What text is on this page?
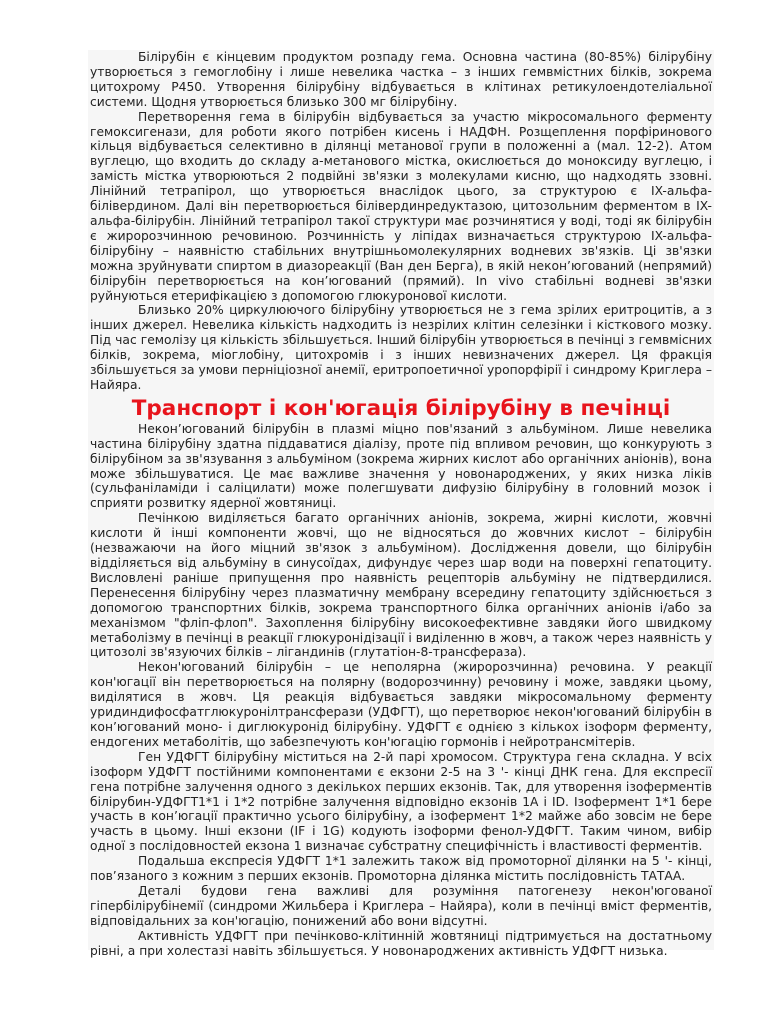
Білірубін є кінцевим продуктом розпаду гема. Основна частина (80-85%) білірубіну утворюється з гемоглобіну і лише невелика частка – з інших гемвмістних білків, зокрема цитохрому Р450. Утворення білірубіну відбувається в клітинах ретикулоендотеліальної системи. Щодня утворюється близько 300 мг білірубіну.

Перетворення гема в білірубін відбувається за участю мікросомального ферменту гемоксигенази, для роботи якого потрібен кисень і НАДФН. Розщеплення порфіринового кільця відбувається селективно в ділянці метанової групи в положенні а (мал. 12-2). Атом вуглецю, що входить до складу а-метанового містка, окислюється до моноксиду вуглецю, і замість містка утворюються 2 подвійні зв'язки з молекулами кисню, що надходять ззовні. Лінійний тетрапірол, що утворюється внаслідок цього, за структурою є IX-альфа-білівердином. Далі він перетворюється білівердинредуктазою, цитозольним ферментом в IX-альфа-білірубін. Лінійний тетрапірол такої структури має розчинятися у воді, тоді як білірубін є жиророзчинною речовиною. Розчинність у ліпідах визначається структурою IX-альфа-білірубіну – наявністю стабільних внутрішньомолекулярних водневих зв'язків. Ці зв'язки можна зруйнувати спиртом в диазореакції (Ван ден Берга), в якій некон’югований (непрямий) білірубін перетворюється на кон’югований (прямий). In vivo стабільні водневі зв'язки руйнуються етерифікацією з допомогою глюкуронової кислоти.

Близько 20% циркулюючого білірубіну утворюється не з гема зрілих еритроцитів, а з інших джерел. Невелика кількість надходить із незрілих клітин селезінки і кісткового мозку. Під час гемолізу ця кількість збільшується. Інший білірубін утворюється в печінці з гемвмісних білків, зокрема, міоглобіну, цитохромів і з інших невизначених джерел. Ця фракція збільшується за умови перніціозної анемії, еритропоетичної уропорфірії і синдрому Криглера – Найяра.

Транспорт і кон'югація білірубіну в печінці

Некон’югований білірубін в плазмі міцно пов'язаний з альбуміном. Лише невелика частина білірубіну здатна піддаватися діалізу, проте під впливом речовин, що конкурують з білірубіном за зв'язування з альбуміном (зокрема жирних кислот або органічних аніонів), вона може збільшуватися. Це має важливе значення у новонароджених, у яких низка ліків (сульфаніламіди і саліцилати) може полегшувати дифузію білірубіну в головний мозок і сприяти розвитку ядерної жовтяниці.

Печінкою виділяється багато органічних аніонів, зокрема, жирні кислоти, жовчні кислоти й інші компоненти жовчі, що не відносяться до жовчних кислот – білірубін (незважаючи на його міцний зв'язок з альбуміном). Дослідження довели, що білірубін відділяється від альбуміну в синусоїдах, дифундує через шар води на поверхні гепатоциту. Висловлені раніше припущення про наявність рецепторів альбуміну не підтвердилися. Перенесення білірубіну через плазматичну мембрану всередину гепатоциту здійснюється з допомогою транспортних білків, зокрема транспортного білка органічних аніонів і/або за механізмом "фліп-флоп". Захоплення білірубіну високоефективне завдяки його швидкому метаболізму в печінці в реакції глюкуронідізації і виділенню в жовч, а також через наявність у цитозолі зв'язуючих білків – лігандинів (глутатіон-8-трансфераза).

Некон'югований білірубін – це неполярна (жиророзчинна) речовина. У реакції кон'югації він перетворюється на полярну (водорозчинну) речовину і може, завдяки цьому, виділятися в жовч. Ця реакція відбувається завдяки мікросомальному ферменту уридиндифосфатглюкуронілтрансферази (УДФГТ), що перетворює некон'югований білірубін в кон’югований моно- і диглюкуронід білірубіну. УДФГТ є однією з кількох ізоформ ферменту, ендогених метаболітів, що забезпечують кон'югацію гормонів і нейротрансмітерів.

Ген УДФГТ білірубіну міститься на 2-й парі хромосом. Структура гена складна. У всіх ізоформ УДФГТ постійними компонентами є екзони 2-5 на 3 '- кінці ДНК гена. Для експресії гена потрібне залучення одного з декількох перших екзонів. Так, для утворення ізоферментів білірубин-УДФГТ1*1 і 1*2 потрібне залучення відповідно екзонів 1А і ID. Ізофермент 1*1 бере участь в кон’югації практично усього білірубіну, а ізофермент 1*2 майже або зовсім не бере участь в цьому. Інші екзони (IF і 1G) кодують ізоформи фенол-УДФГТ. Таким чином, вибір одної з послідовностей екзона 1 визначає субстратну специфічність і властивості ферментів.

Подальша експресія УДФГТ 1*1 залежить також від промоторної ділянки на 5 '- кінці, пов’язаного з кожним з перших екзонів. Промоторна ділянка містить послідовність ТАТАА.

Деталі будови гена важливі для розуміння патогенезу некон'югованої гіпербілірубінемії (синдроми Жильбера і Криглера – Найяра), коли в печінці вміст ферментів, відповідальних за кон'югацію, понижений або вони відсутні.

Активність УДФГТ при печінково-клітинній жовтяниці підтримується на достатньому рівні, а при холестазі навіть збільшується. У новонароджених активність УДФГТ низька.
